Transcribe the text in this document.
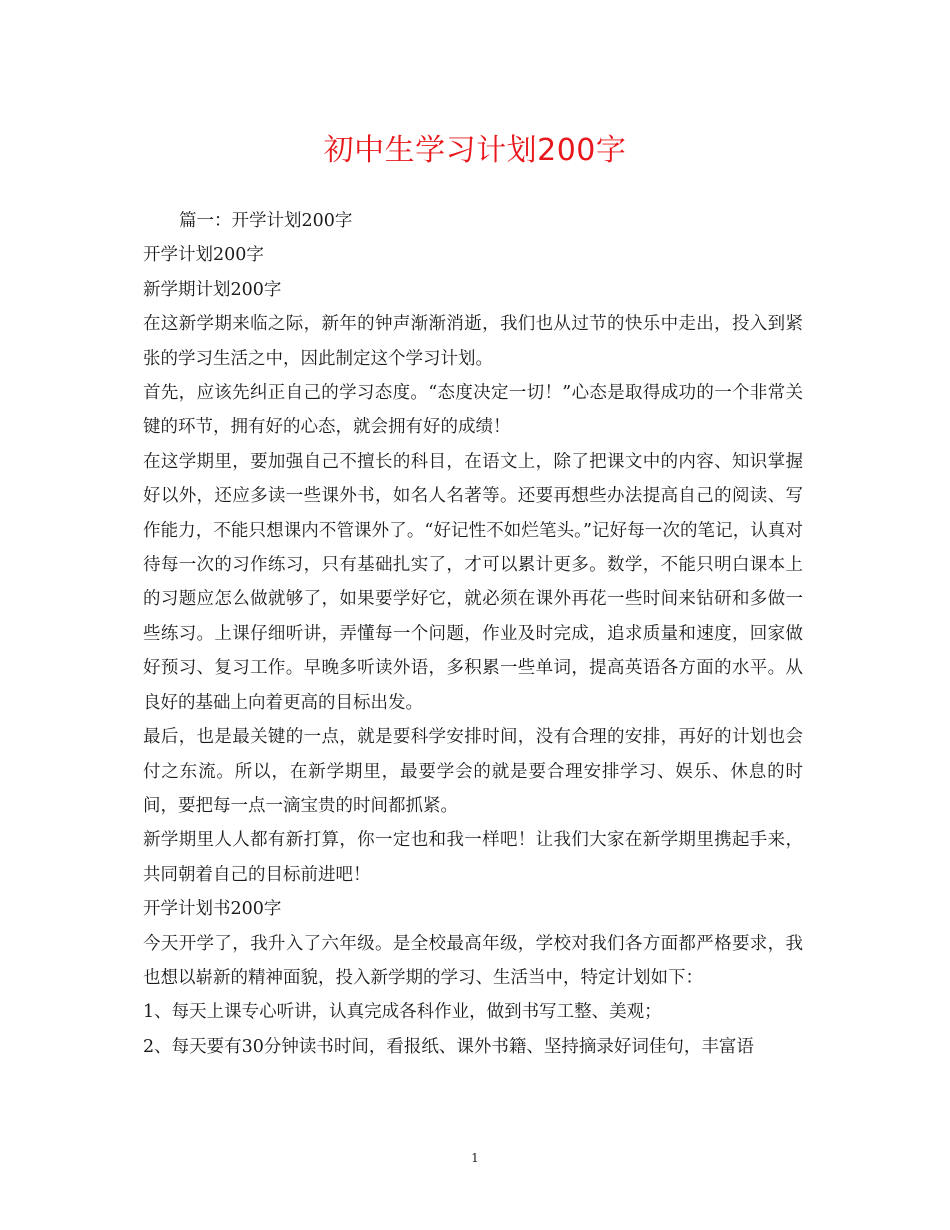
初中生学习计划200字

篇一：开学计划200字

开学计划200字

新学期计划200字

在这新学期来临之际，新年的钟声渐渐消逝，我们也从过节的快乐中走出，投入到紧张的学习生活之中，因此制定这个学习计划。

首先，应该先纠正自己的学习态度。“态度决定一切！”心态是取得成功的一个非常关键的环节，拥有好的心态，就会拥有好的成绩！

在这学期里，要加强自己不擅长的科目，在语文上，除了把课文中的内容、知识掌握好以外，还应多读一些课外书，如名人名著等。还要再想些办法提高自己的阅读、写作能力，不能只想课内不管课外了。“好记性不如烂笔头。”记好每一次的笔记，认真对待每一次的习作练习，只有基础扎实了，才可以累计更多。数学，不能只明白课本上的习题应怎么做就够了，如果要学好它，就必须在课外再花一些时间来钻研和多做一些练习。上课仔细听讲，弄懂每一个问题，作业及时完成，追求质量和速度，回家做好预习、复习工作。早晚多听读外语，多积累一些单词，提高英语各方面的水平。从良好的基础上向着更高的目标出发。

最后，也是最关键的一点，就是要科学安排时间，没有合理的安排，再好的计划也会付之东流。所以，在新学期里，最要学会的就是要合理安排学习、娱乐、休息的时间，要把每一点一滴宝贵的时间都抓紧。

新学期里人人都有新打算，你一定也和我一样吧！让我们大家在新学期里携起手来，共同朝着自己的目标前进吧！

开学计划书200字

今天开学了，我升入了六年级。是全校最高年级，学校对我们各方面都严格要求，我也想以崭新的精神面貌，投入新学期的学习、生活当中，特定计划如下：

1、每天上课专心听讲，认真完成各科作业，做到书写工整、美观；

2、每天要有30分钟读书时间，看报纸、课外书籍、坚持摘录好词佳句，丰富语

1
